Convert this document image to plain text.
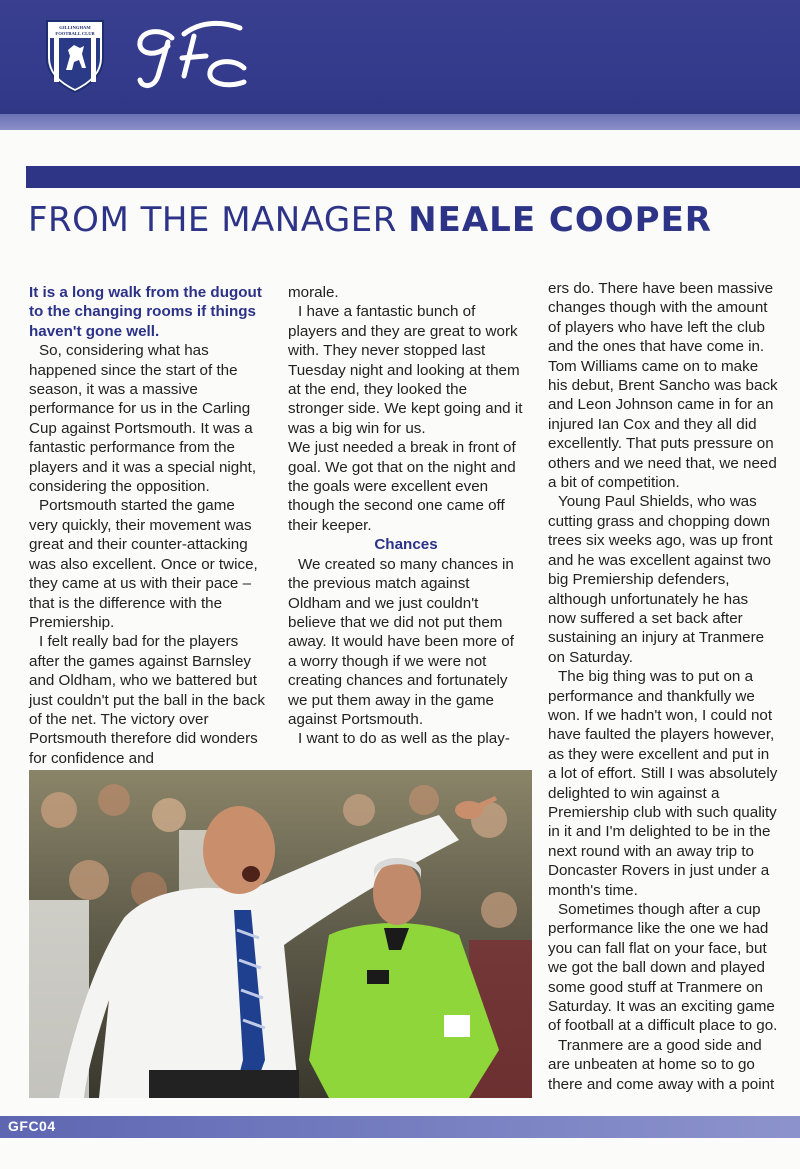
GILLINGHAM
FOOTBALL CLUB
FROM THE MANAGER NEALE COOPER

It is a long walk from the dugout to the changing rooms if things haven't gone well.

So, considering what has happened since the start of the season, it was a massive performance for us in the Carling Cup against Portsmouth. It was a fantastic performance from the players and it was a special night, considering the opposition.

Portsmouth started the game very quickly, their movement was great and their counter-attacking was also excellent. Once or twice, they came at us with their pace – that is the difference with the Premiership.

I felt really bad for the players after the games against Barnsley and Oldham, who we battered but just couldn't put the ball in the back of the net. The victory over Portsmouth therefore did wonders for confidence and

morale.

I have a fantastic bunch of players and they are great to work with. They never stopped last Tuesday night and looking at them at the end, they looked the stronger side. We kept going and it was a big win for us.

We just needed a break in front of goal. We got that on the night and the goals were excellent even though the second one came off their keeper.

Chances

We created so many chances in the previous match against Oldham and we just couldn't believe that we did not put them away. It would have been more of a worry though if we were not creating chances and fortunately we put them away in the game against Portsmouth.

I want to do as well as the play-

ers do. There have been massive changes though with the amount of players who have left the club and the ones that have come in. Tom Williams came on to make his debut, Brent Sancho was back and Leon Johnson came in for an injured Ian Cox and they all did excellently. That puts pressure on others and we need that, we need a bit of competition.

Young Paul Shields, who was cutting grass and chopping down trees six weeks ago, was up front and he was excellent against two big Premiership defenders, although unfortunately he has now suffered a set back after sustaining an injury at Tranmere on Saturday.

The big thing was to put on a performance and thankfully we won. If we hadn't won, I could not have faulted the players however, as they were excellent and put in a lot of effort. Still I was absolutely delighted to win against a Premiership club with such quality in it and I'm delighted to be in the next round with an away trip to Doncaster Rovers in just under a month's time.

Sometimes though after a cup performance like the one we had you can fall flat on your face, but we got the ball down and played some good stuff at Tranmere on Saturday. It was an exciting game of football at a difficult place to go.

Tranmere are a good side and are unbeaten at home so to go there and come away with a point

GFC04
